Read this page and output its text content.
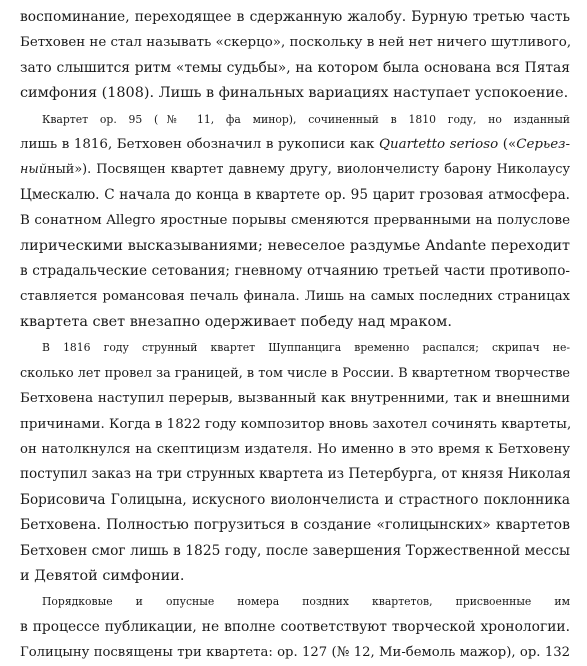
воспоминание, переходящее в сдержанную жалобу. Бурную третью часть
Бетховен не стал называть «скерцо», поскольку в ней нет ничего шутливого,
зато слышится ритм «темы судьбы», на котором была основана вся Пятая
симфония (1808). Лишь в финальных вариациях наступает успокоение.
Квартет ор. 95 (№ 11, фа минор), сочиненный в 1810 году, но изданный
лишь в 1816, Бетховен обозначил в рукописи как Quartetto serioso («Серьез-
ныйный»). Посвящен квартет давнему другу, виолончелисту барону Николаусу
Цмескалю. С начала до конца в квартете ор. 95 царит грозовая атмосфера.
В сонатном Allegro яростные порывы сменяются прерванными на полуслове
лирическими высказываниями; невеселое раздумье Andante переходит
в страдальческие сетования; гневному отчаянию третьей части противопо-
ставляется романсовая печаль финала. Лишь на самых последних страницах
квартета свет внезапно одерживает победу над мраком.
В 1816 году струнный квартет Шуппанцига временно распался; скрипач не-
сколько лет провел за границей, в том числе в России. В квартетном творчестве
Бетховена наступил перерыв, вызванный как внутренними, так и внешними
причинами. Когда в 1822 году композитор вновь захотел сочинять квартеты,
он натолкнулся на скептицизм издателя. Но именно в это время к Бетховену
поступил заказ на три струнных квартета из Петербурга, от князя Николая
Борисовича Голицына, искусного виолончелиста и страстного поклонника
Бетховена. Полностью погрузиться в создание «голицынских» квартетов
Бетховен смог лишь в 1825 году, после завершения Торжественной мессы
и Девятой симфонии.
Порядковые и опусные номера поздних квартетов, присвоенные им
в процессе публикации, не вполне соответствуют творческой хронологии.
Голицыну посвящены три квартета: ор. 127 (№ 12, Ми-бемоль мажор), ор. 132
